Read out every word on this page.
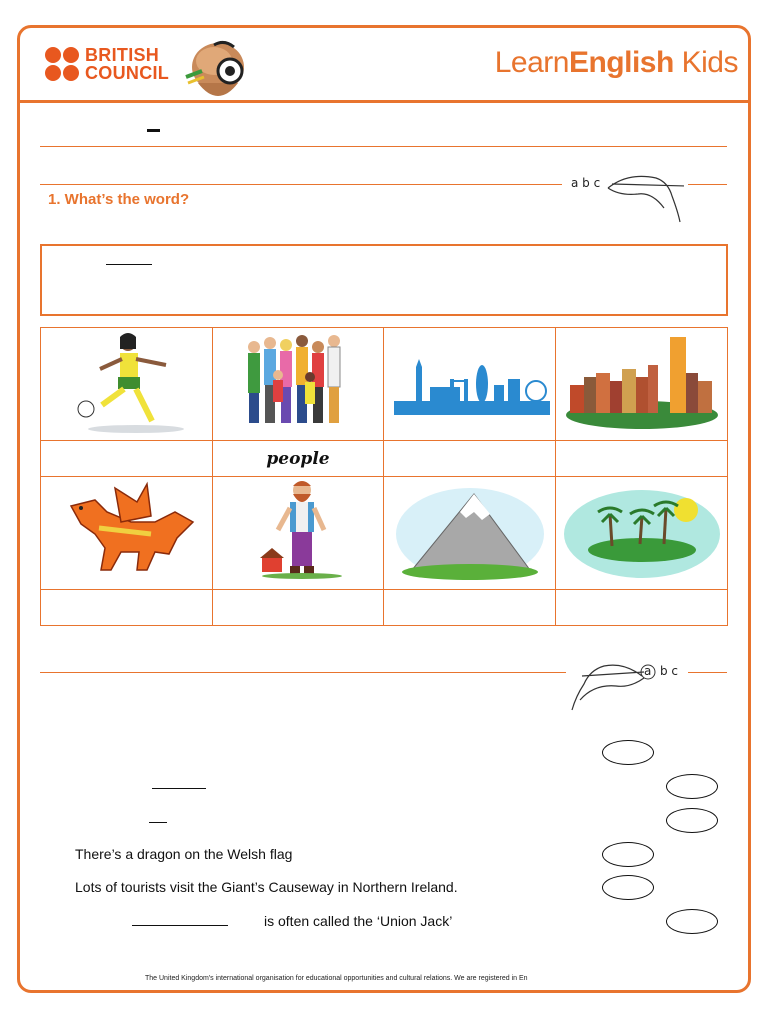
BRITISH
COUNCIL	LearnEnglish Kids
a b c
1. What’s the word?

	people		

a b c
There’s a dragon on the Welsh flag
Lots of tourists visit the Giant’s Causeway in Northern Ireland.
is often called the ‘Union Jack’
The United Kingdom's international organisation for educational opportunities and cultural relations. We are registered in En
